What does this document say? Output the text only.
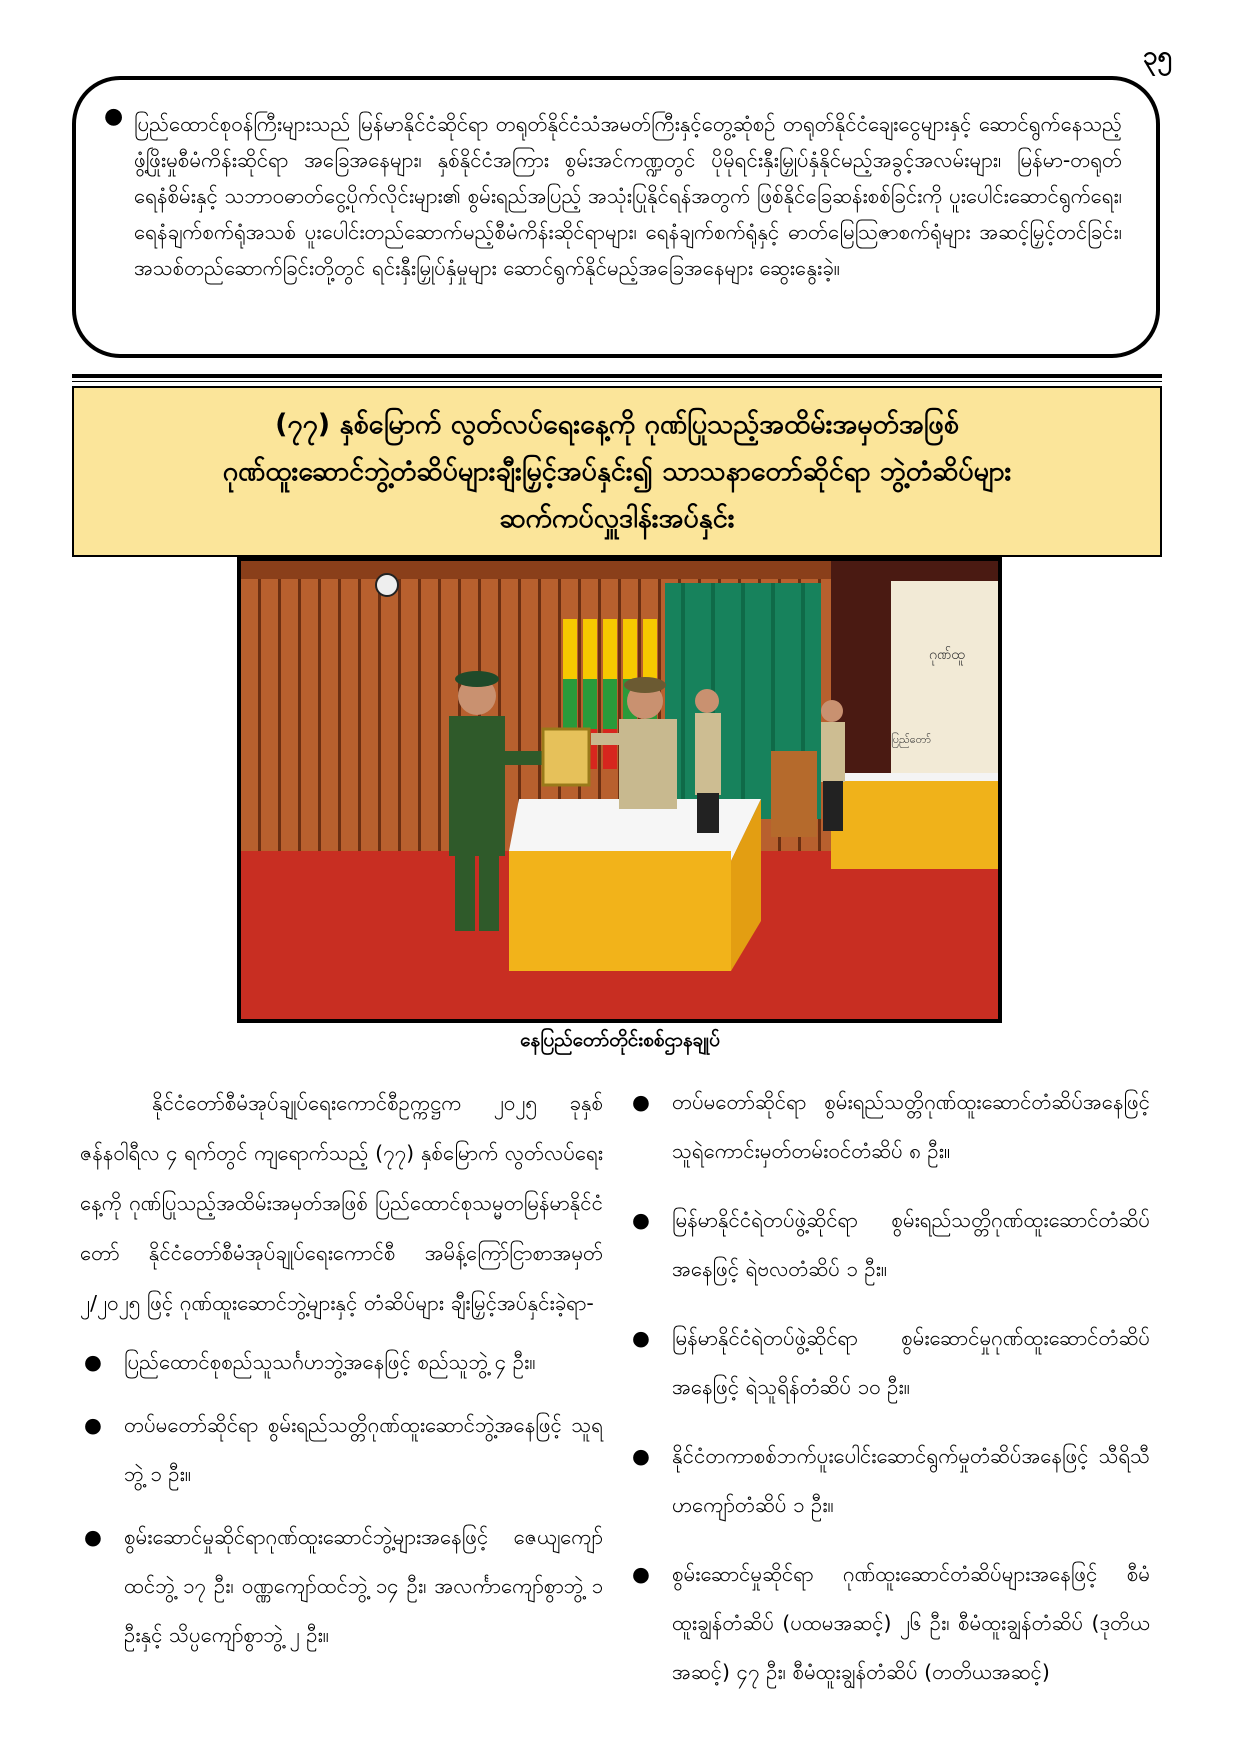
၃၅
● ပြည်ထောင်စုဝန်ကြီးများသည် မြန်မာနိုင်ငံဆိုင်ရာ တရုတ်နိုင်ငံသံအမတ်ကြီးနှင့်တွေ့ဆုံစဉ် တရုတ်နိုင်ငံချေးငွေများနှင့် ဆောင်ရွက်နေသည့် ဖွံ့ဖြိုးမှုစီမံကိန်းဆိုင်ရာ အခြေအနေများ၊ နှစ်နိုင်ငံအကြား စွမ်းအင်ကဏ္ဍတွင် ပိုမိုရင်းနှီးမြှုပ်နှံနိုင်မည့်အခွင့်အလမ်းများ၊ မြန်မာ-တရုတ် ရေနံစိမ်းနှင့် သဘာဝဓာတ်ငွေ့ပိုက်လိုင်းများ၏ စွမ်းရည်အပြည့် အသုံးပြုနိုင်ရန်အတွက် ဖြစ်နိုင်ခြေဆန်းစစ်ခြင်းကို ပူးပေါင်းဆောင်ရွက်ရေး၊ ရေနံချက်စက်ရုံအသစ် ပူးပေါင်းတည်ဆောက်မည့်စီမံကိန်းဆိုင်ရာများ၊ ရေနံချက်စက်ရုံနှင့် ဓာတ်မြေဩဇာစက်ရုံများ အဆင့်မြှင့်တင်ခြင်း၊ အသစ်တည်ဆောက်ခြင်းတို့တွင် ရင်းနှီးမြှုပ်နှံမှုများ ဆောင်ရွက်နိုင်မည့်အခြေအနေများ ဆွေးနွေးခဲ့။

(၇၇) နှစ်မြောက် လွတ်လပ်ရေးနေ့ကို ဂုဏ်ပြုသည့်အထိမ်းအမှတ်အဖြစ်
ဂုဏ်ထူးဆောင်ဘွဲ့တံဆိပ်များချီးမြှင့်အပ်နှင်း၍ သာသနာတော်ဆိုင်ရာ ဘွဲ့တံဆိပ်များ
ဆက်ကပ်လှူဒါန်းအပ်နှင်း
ဂုဏ်ထူ
ပြည်တော်
နေပြည်တော်တိုင်းစစ်ဌာနချုပ်

နိုင်ငံတော်စီမံအုပ်ချုပ်ရေးကောင်စီဥက္ကဋ္ဌက ၂၀၂၅ ခုနှစ် ဇန်နဝါရီလ ၄ ရက်တွင် ကျရောက်သည့် (၇၇) နှစ်မြောက် လွတ်လပ်ရေးနေ့ကို ဂုဏ်ပြုသည့်အထိမ်းအမှတ်အဖြစ် ပြည်ထောင်စုသမ္မတမြန်မာနိုင်ငံတော် နိုင်ငံတော်စီမံအုပ်ချုပ်ရေးကောင်စီ အမိန့်ကြော်ငြာစာအမှတ် ၂/၂၀၂၅ ဖြင့် ဂုဏ်ထူးဆောင်ဘွဲ့များနှင့် တံဆိပ်များ ချီးမြှင့်အပ်နှင်းခဲ့ရာ-

● ပြည်ထောင်စုစည်သူသင်္ဂဟဘွဲ့အနေဖြင့် စည်သူဘွဲ့ ၄ ဦး။
● တပ်မတော်ဆိုင်ရာ စွမ်းရည်သတ္တိဂုဏ်ထူးဆောင်ဘွဲ့အနေဖြင့် သူရဘွဲ့ ၁ ဦး။
● စွမ်းဆောင်မှုဆိုင်ရာဂုဏ်ထူးဆောင်ဘွဲ့များအနေဖြင့် ဇေယျကျော်ထင်ဘွဲ့ ၁၇ ဦး၊ ဝဏ္ဏကျော်ထင်ဘွဲ့ ၁၄ ဦး၊ အလင်္ကာကျော်စွာဘွဲ့ ၁ ဦးနှင့် သိပ္ပကျော်စွာဘွဲ့ ၂ ဦး။
● တပ်မတော်ဆိုင်ရာ စွမ်းရည်သတ္တိဂုဏ်ထူးဆောင်တံဆိပ်အနေဖြင့် သူရဲကောင်းမှတ်တမ်းဝင်တံဆိပ် ၈ ဦး။
● မြန်မာနိုင်ငံရဲတပ်ဖွဲ့ဆိုင်ရာ စွမ်းရည်သတ္တိဂုဏ်ထူးဆောင်တံဆိပ်အနေဖြင့် ရဲဗလတံဆိပ် ၁ ဦး။
● မြန်မာနိုင်ငံရဲတပ်ဖွဲ့ဆိုင်ရာ စွမ်းဆောင်မှုဂုဏ်ထူးဆောင်တံဆိပ်အနေဖြင့် ရဲသူရိန်တံဆိပ် ၁၀ ဦး။
● နိုင်ငံတကာစစ်ဘက်ပူးပေါင်းဆောင်ရွက်မှုတံဆိပ်အနေဖြင့် သီရိသီဟကျော်တံဆိပ် ၁ ဦး။
● စွမ်းဆောင်မှုဆိုင်ရာ ဂုဏ်ထူးဆောင်တံဆိပ်များအနေဖြင့် စီမံထူးချွန်တံဆိပ် (ပထမအဆင့်) ၂၆ ဦး၊ စီမံထူးချွန်တံဆိပ် (ဒုတိယအဆင့်) ၄၇ ဦး၊ စီမံထူးချွန်တံဆိပ် (တတိယအဆင့်)
